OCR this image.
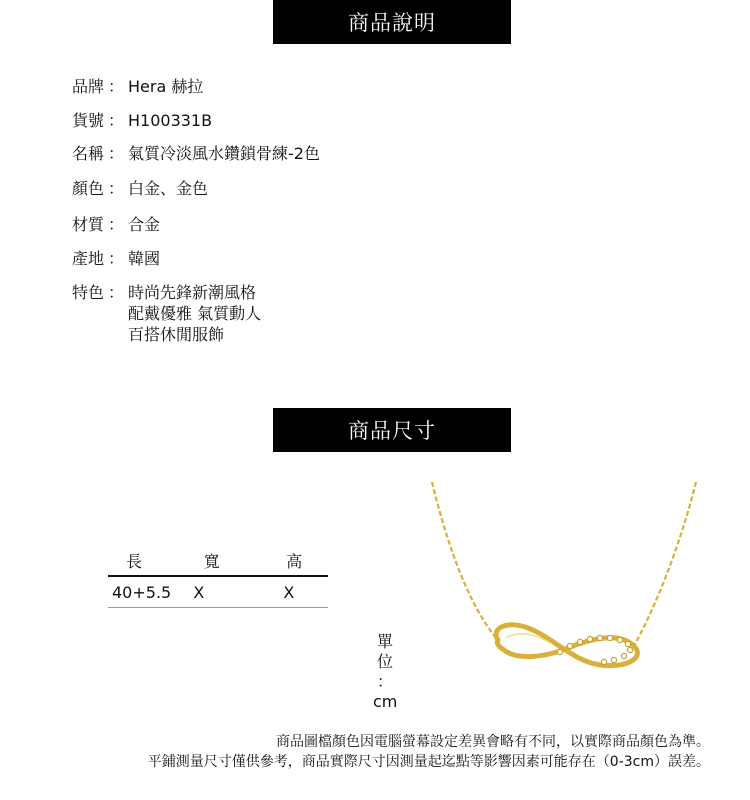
商品說明
品牌 ： Hera 赫拉
貨號 ： H100331B
名稱 ： 氣質冷淡風水鑽鎖骨練-2色
顏色 ： 白金、金色
材質 ： 合金
產地 ： 韓國
特色 ： 時尚先鋒新潮風格
配戴優雅 氣質動人
百搭休閒服飾
商品尺寸
長	寬	高
40+5.5	X	X
單
位
：
cm
商品圖檔顏色因電腦螢幕設定差異會略有不同，以實際商品顏色為準。
平鋪測量尺寸僅供參考，商品實際尺寸因測量起迄點等影響因素可能存在（0-3cm）誤差。
